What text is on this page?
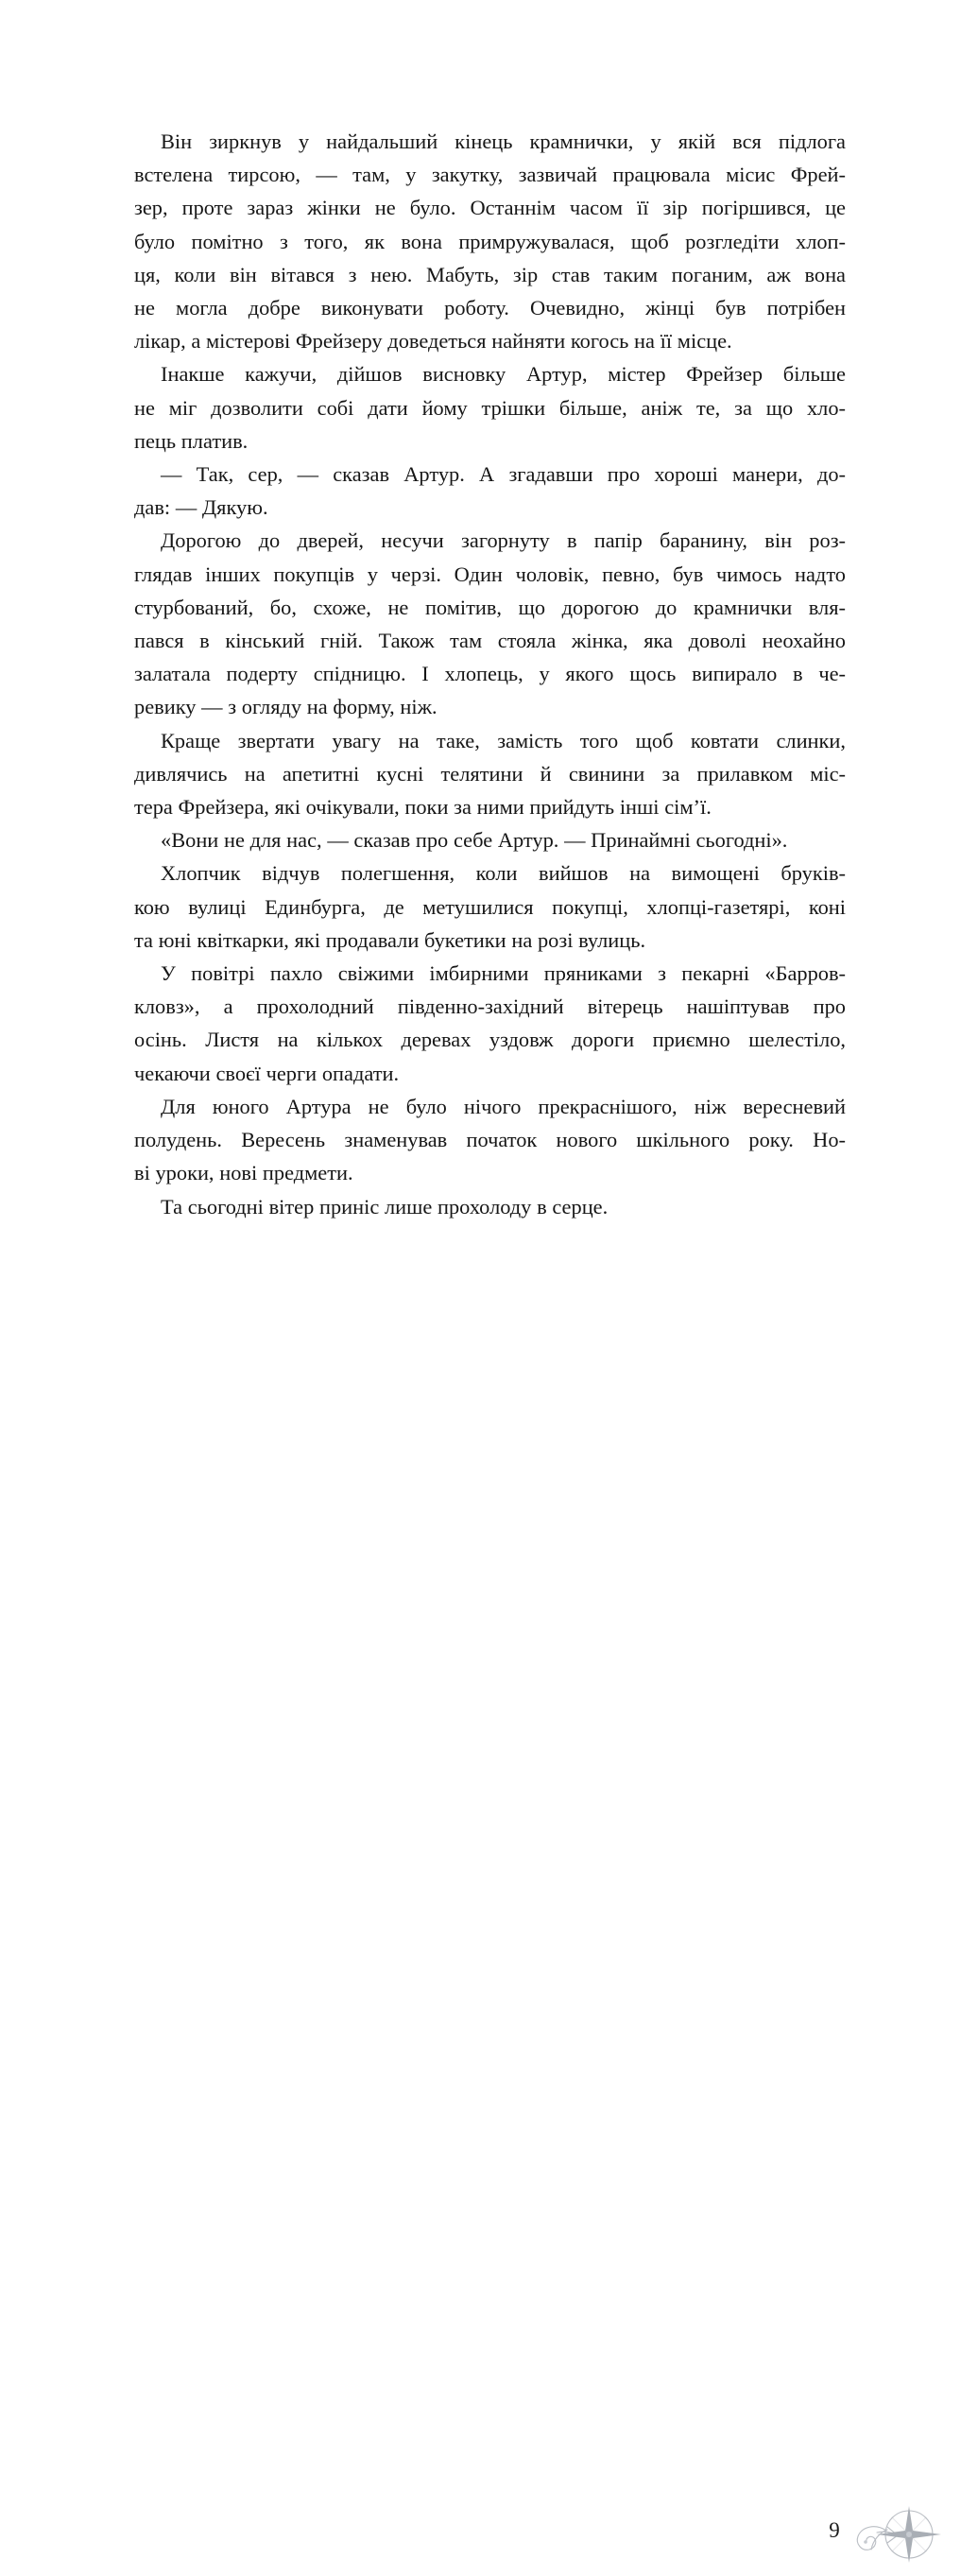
Він зиркнув у найдальший кінець крамнички, у якій вся підлога
встелена тирсою, — там, у закутку, зазвичай працювала місис Фрей-
зер, проте зараз жінки не було. Останнім часом її зір погіршився, це
було помітно з того, як вона примружувалася, щоб розгледіти хлоп-
ця, коли він вітався з нею. Мабуть, зір став таким поганим, аж вона
не могла добре виконувати роботу. Очевидно, жінці був потрібен
лікар, а містерові Фрейзеру доведеться найняти когось на її місце.

Інакше кажучи, дійшов висновку Артур, містер Фрейзер більше
не міг дозволити собі дати йому трішки більше, аніж те, за що хло-
пець платив.

— Так, сер, — сказав Артур. А згадавши про хороші манери, до-
дав: — Дякую.

Дорогою до дверей, несучи загорнуту в папір баранину, він роз-
глядав інших покупців у черзі. Один чоловік, певно, був чимось надто
стурбований, бо, схоже, не помітив, що дорогою до крамнички вля-
пався в кінський гній. Також там стояла жінка, яка доволі неохайно
залатала подерту спідницю. І хлопець, у якого щось випирало в че-
ревику — з огляду на форму, ніж.

Краще звертати увагу на таке, замість того щоб ковтати слинки,
дивлячись на апетитні кусні телятини й свинини за прилавком міс-
тера Фрейзера, які очікували, поки за ними прийдуть інші сім’ї.

«Вони не для нас, — сказав про себе Артур. — Принаймні сьогодні».

Хлопчик відчув полегшення, коли вийшов на вимощені бруків-
кою вулиці Единбурга, де метушилися покупці, хлопці-газетярі, коні
та юні квіткарки, які продавали букетики на розі вулиць.

У повітрі пахло свіжими імбирними пряниками з пекарні «Барров-
кловз», а прохолодний південно-західний вітерець нашіптував про
осінь. Листя на кількох деревах уздовж дороги приємно шелестіло,
чекаючи своєї черги опадати.

Для юного Артура не було нічого прекраснішого, ніж вересневий
полудень. Вересень знаменував початок нового шкільного року. Но-
ві уроки, нові предмети.

Та сьогодні вітер приніс лише прохолоду в серце.

9
